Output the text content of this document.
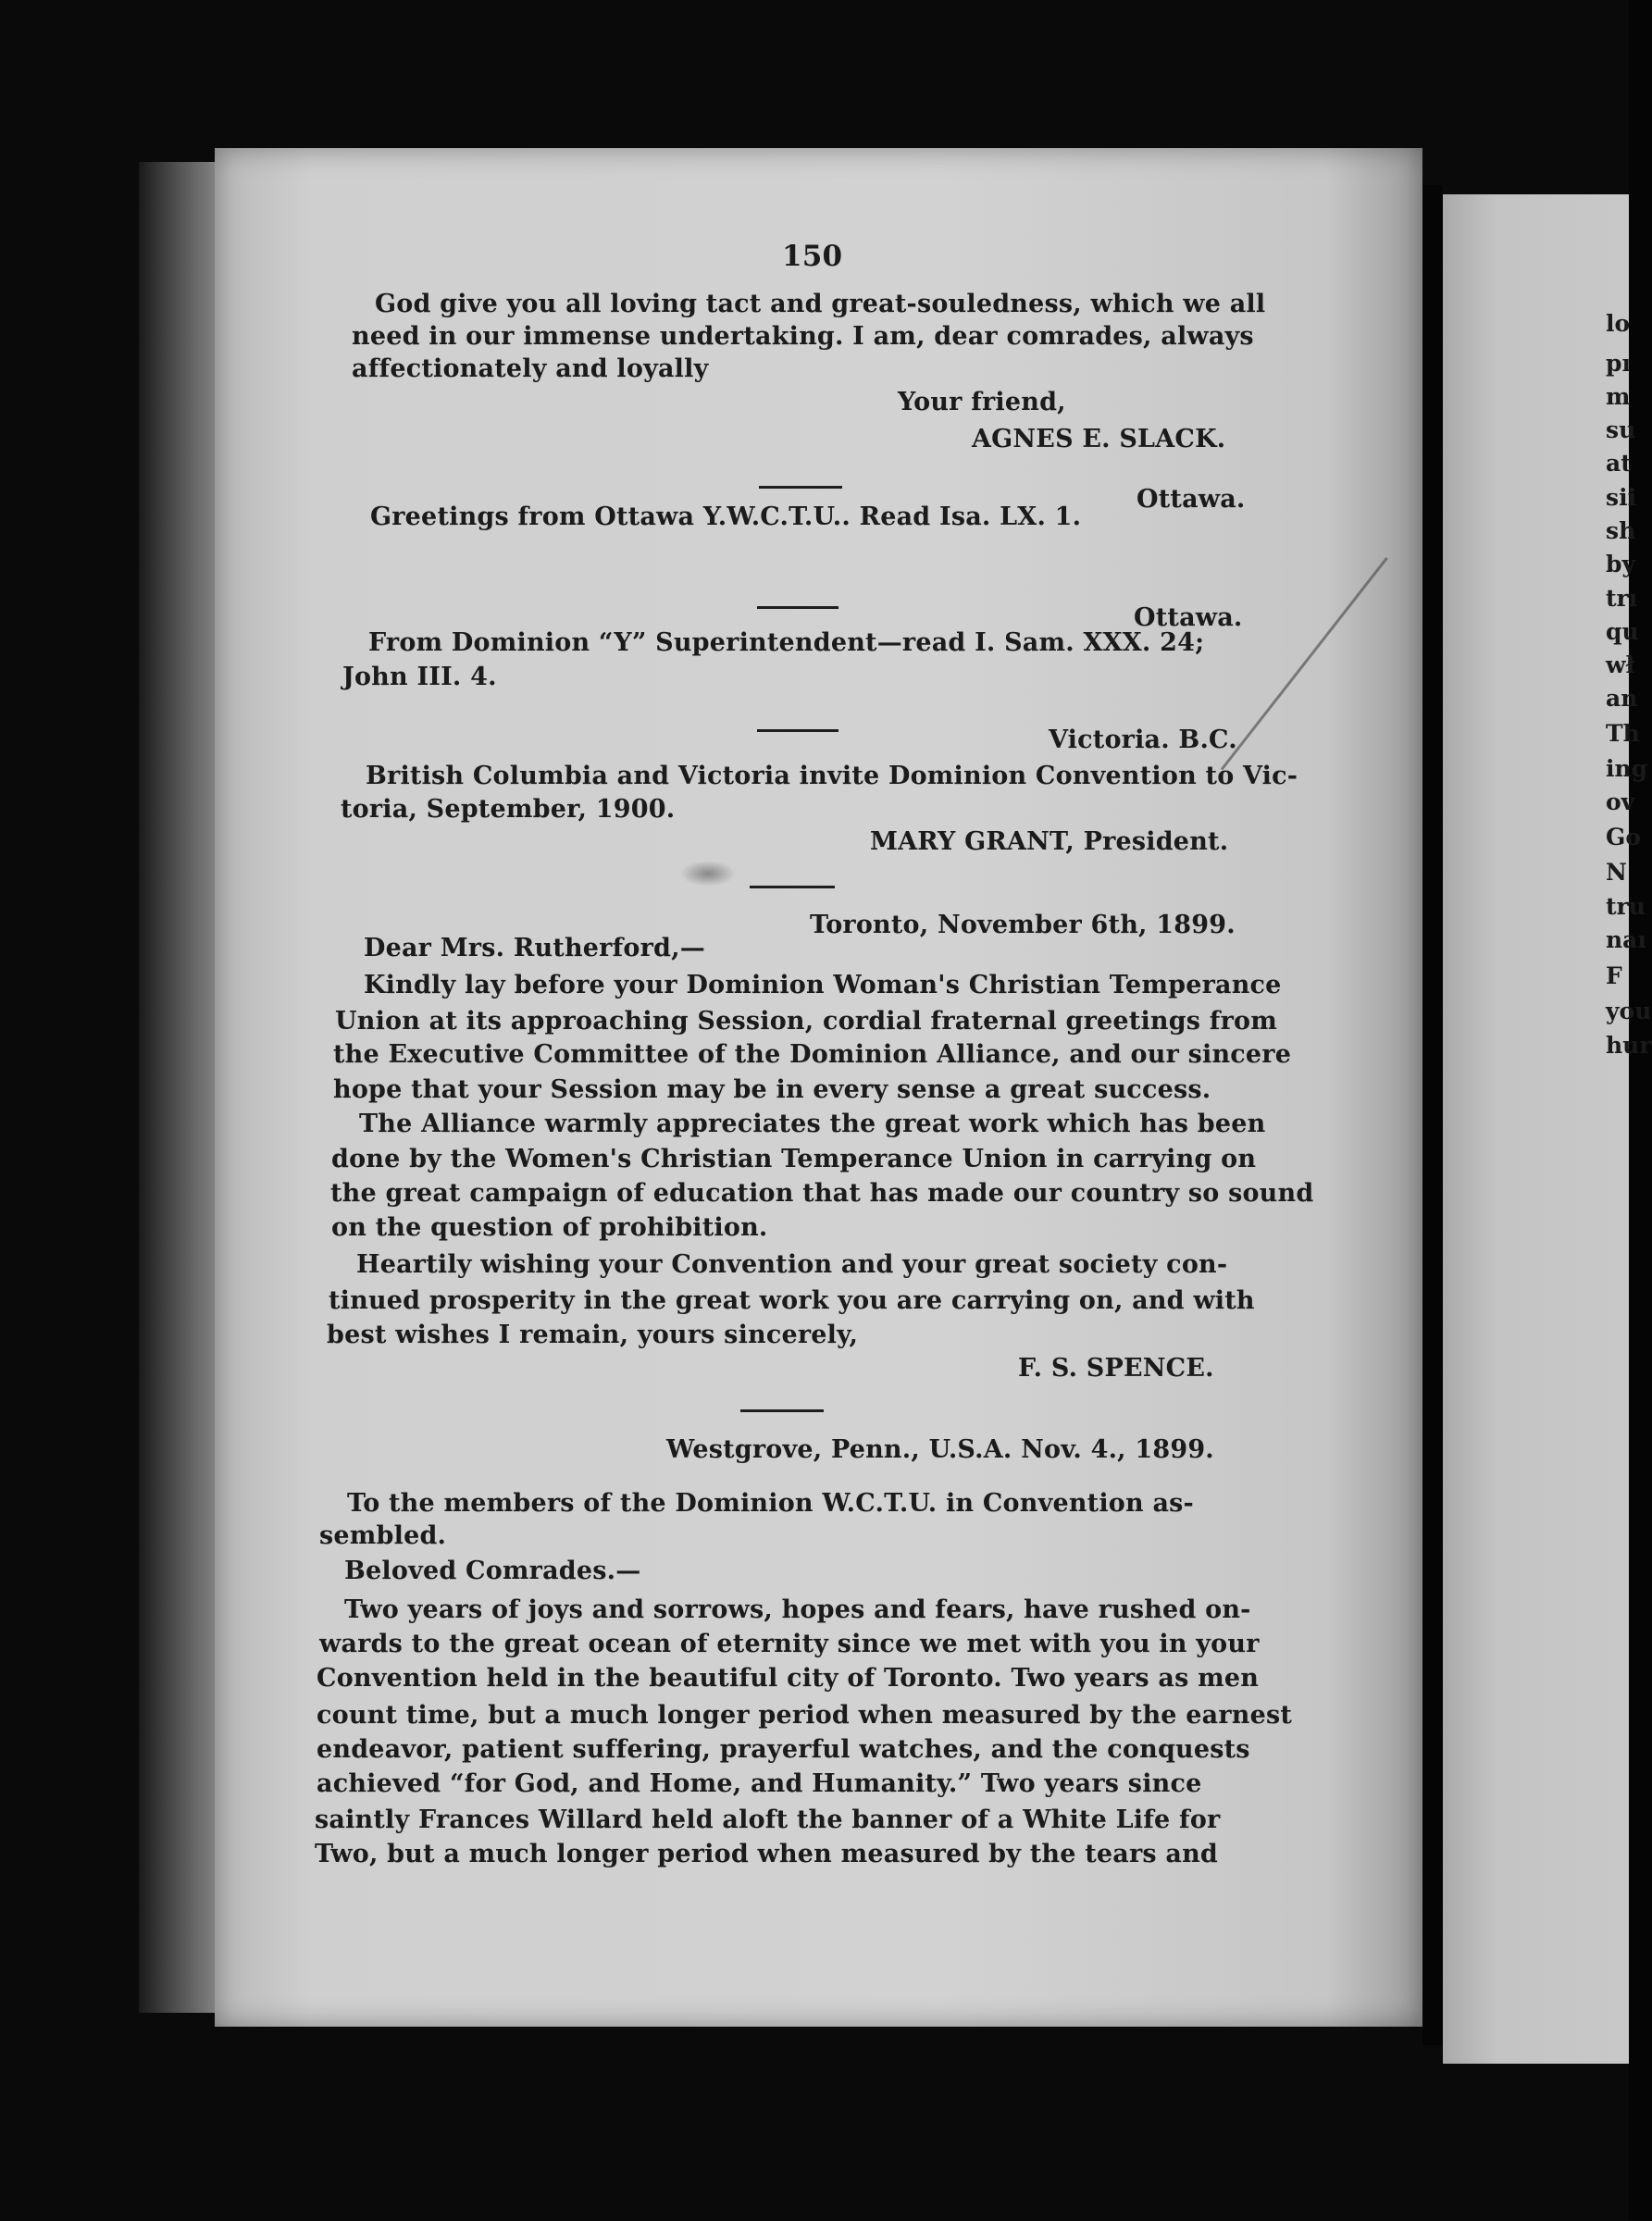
lo
pı
m
su
at
sii
sh
by
trı
qu
wł
an
Th
ing
ov
Go
N
tru
naı
F
you
hur
150
God give you all loving tact and great-souledness, which we all
need in our immense undertaking. I am, dear comrades, always
affectionately and loyally
Your friend,
AGNES E. SLACK.
Ottawa.
Greetings from Ottawa Y.W.C.T.U.. Read Isa. LX. 1.
Ottawa.
From Dominion “Y” Superintendent—read I. Sam. XXX. 24;
John III. 4.
Victoria. B.C.
British Columbia and Victoria invite Dominion Convention to Vic-
toria, September, 1900.
MARY GRANT, President.
Toronto, November 6th, 1899.
Dear Mrs. Rutherford,—
Kindly lay before your Dominion Woman's Christian Temperance
Union at its approaching Session, cordial fraternal greetings from
the Executive Committee of the Dominion Alliance, and our sincere
hope that your Session may be in every sense a great success.
The Alliance warmly appreciates the great work which has been
done by the Women's Christian Temperance Union in carrying on
the great campaign of education that has made our country so sound
on the question of prohibition.
Heartily wishing your Convention and your great society con-
tinued prosperity in the great work you are carrying on, and with
best wishes I remain, yours sincerely,
F. S. SPENCE.
Westgrove, Penn., U.S.A. Nov. 4., 1899.
To the members of the Dominion W.C.T.U. in Convention as-
sembled.
Beloved Comrades.—
Two years of joys and sorrows, hopes and fears, have rushed on-
wards to the great ocean of eternity since we met with you in your
Convention held in the beautiful city of Toronto. Two years as men
count time, but a much longer period when measured by the earnest
endeavor, patient suffering, prayerful watches, and the conquests
achieved “for God, and Home, and Humanity.” Two years since
saintly Frances Willard held aloft the banner of a White Life for
Two, but a much longer period when measured by the tears and
